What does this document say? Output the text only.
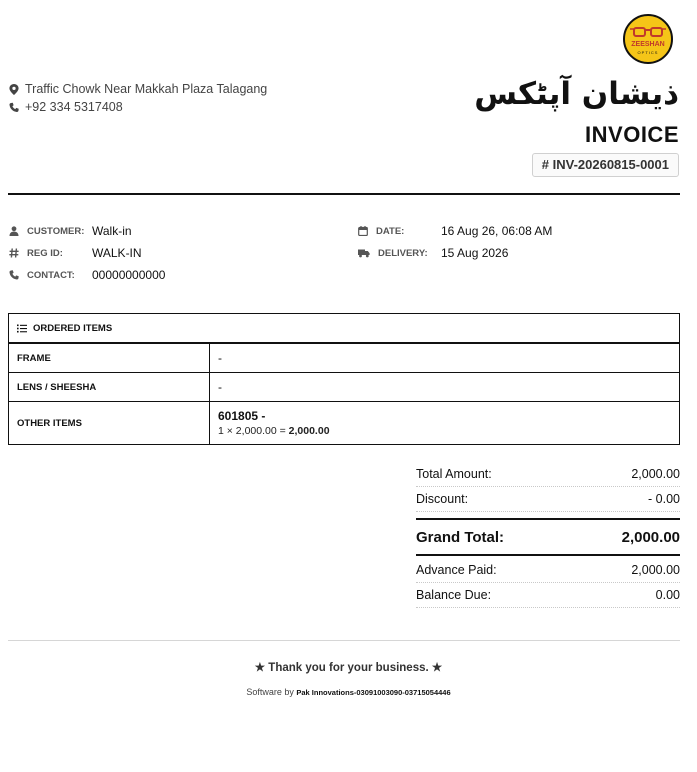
ZEESHAN
OPTICS
Traffic Chowk Near Makkah Plaza Talagang
+92 334 5317408	ذیشان آپٹکس
INVOICE
# INV-20260815-0001
CUSTOMER: Walk-in
REG ID: WALK-IN
CONTACT: 00000000000
DATE:	16 Aug 26, 06:08 AM
DELIVERY: 15 Aug 2026
ORDERED ITEMS
FRAME	-
LENS / SHEESHA	-
OTHER ITEMS	601805 -
1 × 2,000.00 = 2,000.00
Total Amount:	2,000.00
Discount:	- 0.00
Grand Total:	2,000.00
Advance Paid:	2,000.00
Balance Due:	0.00
★ Thank you for your business. ★
Software by Pak Innovations-03091003090-03715054446
